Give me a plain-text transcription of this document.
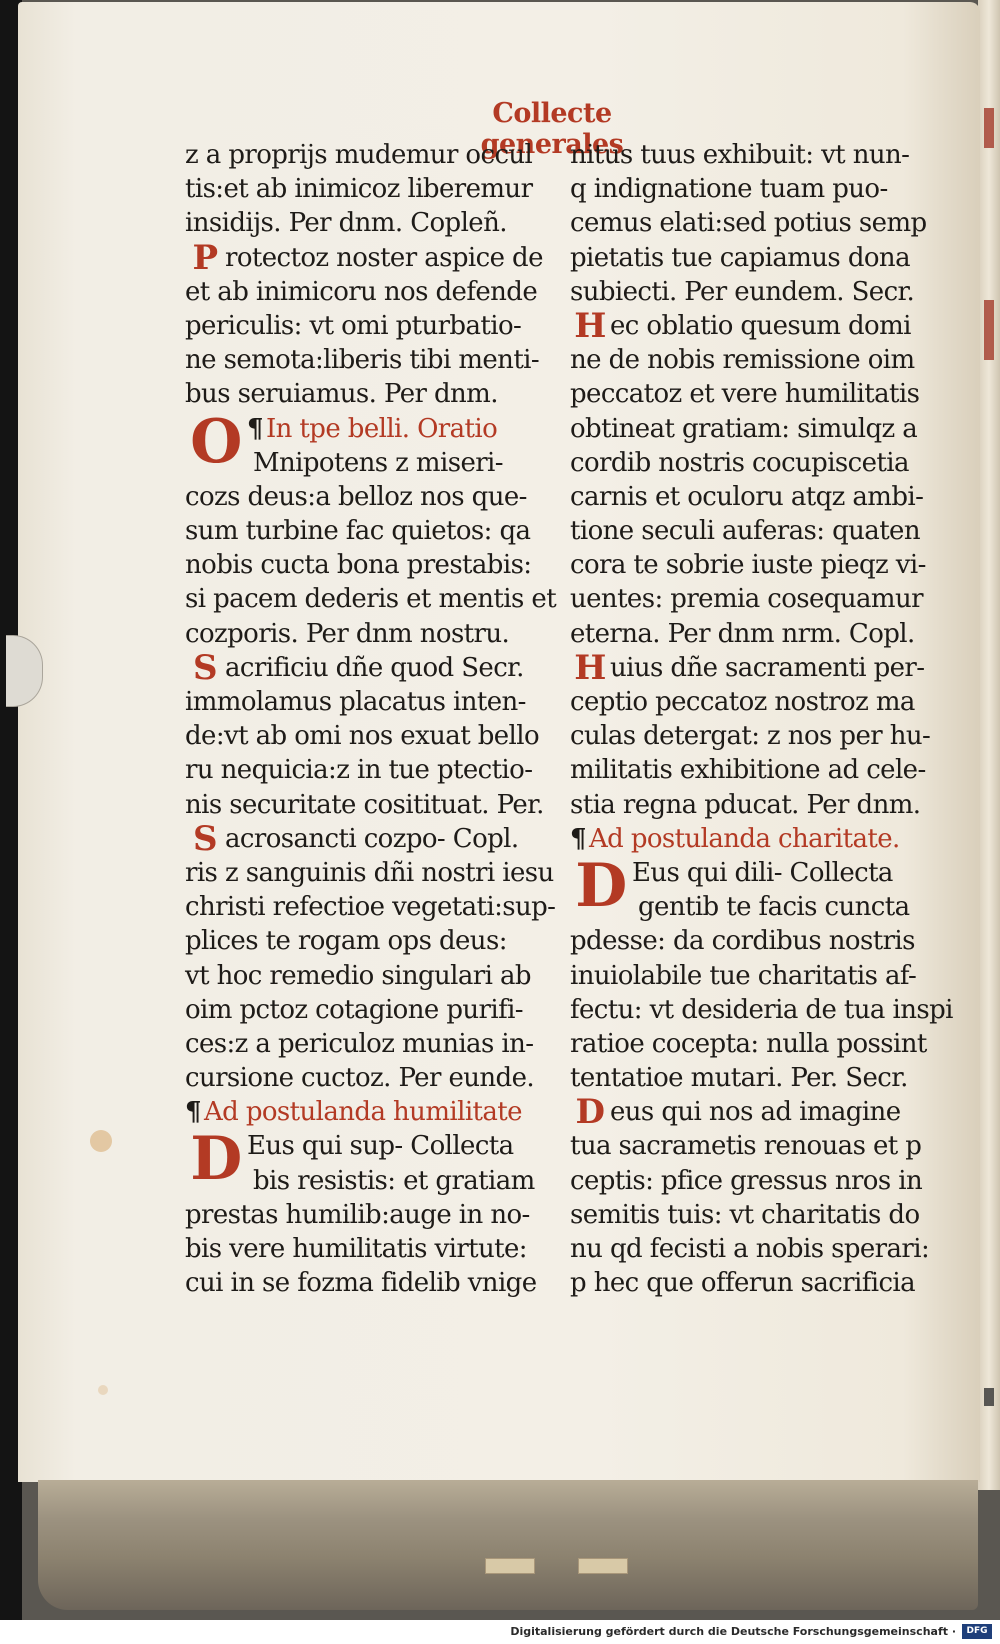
Collecte generales
z a proprijs mudemur occul
tis:et ab inimicoz liberemur
insidijs. Per dnm. Copleñ.
P rotectoz noster aspice de
et ab inimicoru nos defende
periculis: vt omi pturbatio-
ne semota:liberis tibi menti-
bus seruiamus. Per dnm.
O ¶ In tpe belli. Oratio
Mnipotens z miseri-
cozs deus:a belloz nos que-
sum turbine fac quietos: qa
nobis cucta bona prestabis:
si pacem dederis et mentis et
cozporis. Per dnm nostru.
S acrificiu dñe quod Secr.
immolamus placatus inten-
de:vt ab omi nos exuat bello
ru nequicia:z in tue ptectio-
nis securitate cositituat. Per.
S acrosancti cozpo- Copl.
ris z sanguinis dñi nostri iesu
christi refectioe vegetati:sup-
plices te rogam ops deus:
vt hoc remedio singulari ab
oim pctoz cotagione purifi-
ces:z a periculoz munias in-
cursione cuctoz. Per eunde.
¶ Ad postulanda humilitate
D Eus qui sup- Collecta
bis resistis: et gratiam
prestas humilib:auge in no-
bis vere humilitatis virtute:
cui in se fozma fidelib vnige
nitus tuus exhibuit: vt nun-
q indignatione tuam puo-
cemus elati:sed potius semp
pietatis tue capiamus dona
subiecti. Per eundem. Secr.
H ec oblatio quesum domi
ne de nobis remissione oim
peccatoz et vere humilitatis
obtineat gratiam: simulqz a
cordib nostris cocupiscetia
carnis et oculoru atqz ambi-
tione seculi auferas: quaten
cora te sobrie iuste pieqz vi-
uentes: premia cosequamur
eterna. Per dnm nrm. Copl.
H uius dñe sacramenti per-
ceptio peccatoz nostroz ma
culas detergat: z nos per hu-
militatis exhibitione ad cele-
stia regna pducat. Per dnm.
¶ Ad postulanda charitate.
D Eus qui dili- Collecta
gentib te facis cuncta
pdesse: da cordibus nostris
inuiolabile tue charitatis af-
fectu: vt desideria de tua inspi
ratioe cocepta: nulla possint
tentatioe mutari. Per. Secr.
D eus qui nos ad imagine
tua sacrametis renouas et p
ceptis: pfice gressus nros in
semitis tuis: vt charitatis do
nu qd fecisti a nobis sperari:
p hec que offerun sacrificia
Digitalisierung gefördert durch die Deutsche Forschungsgemeinschaft ·	DFG
